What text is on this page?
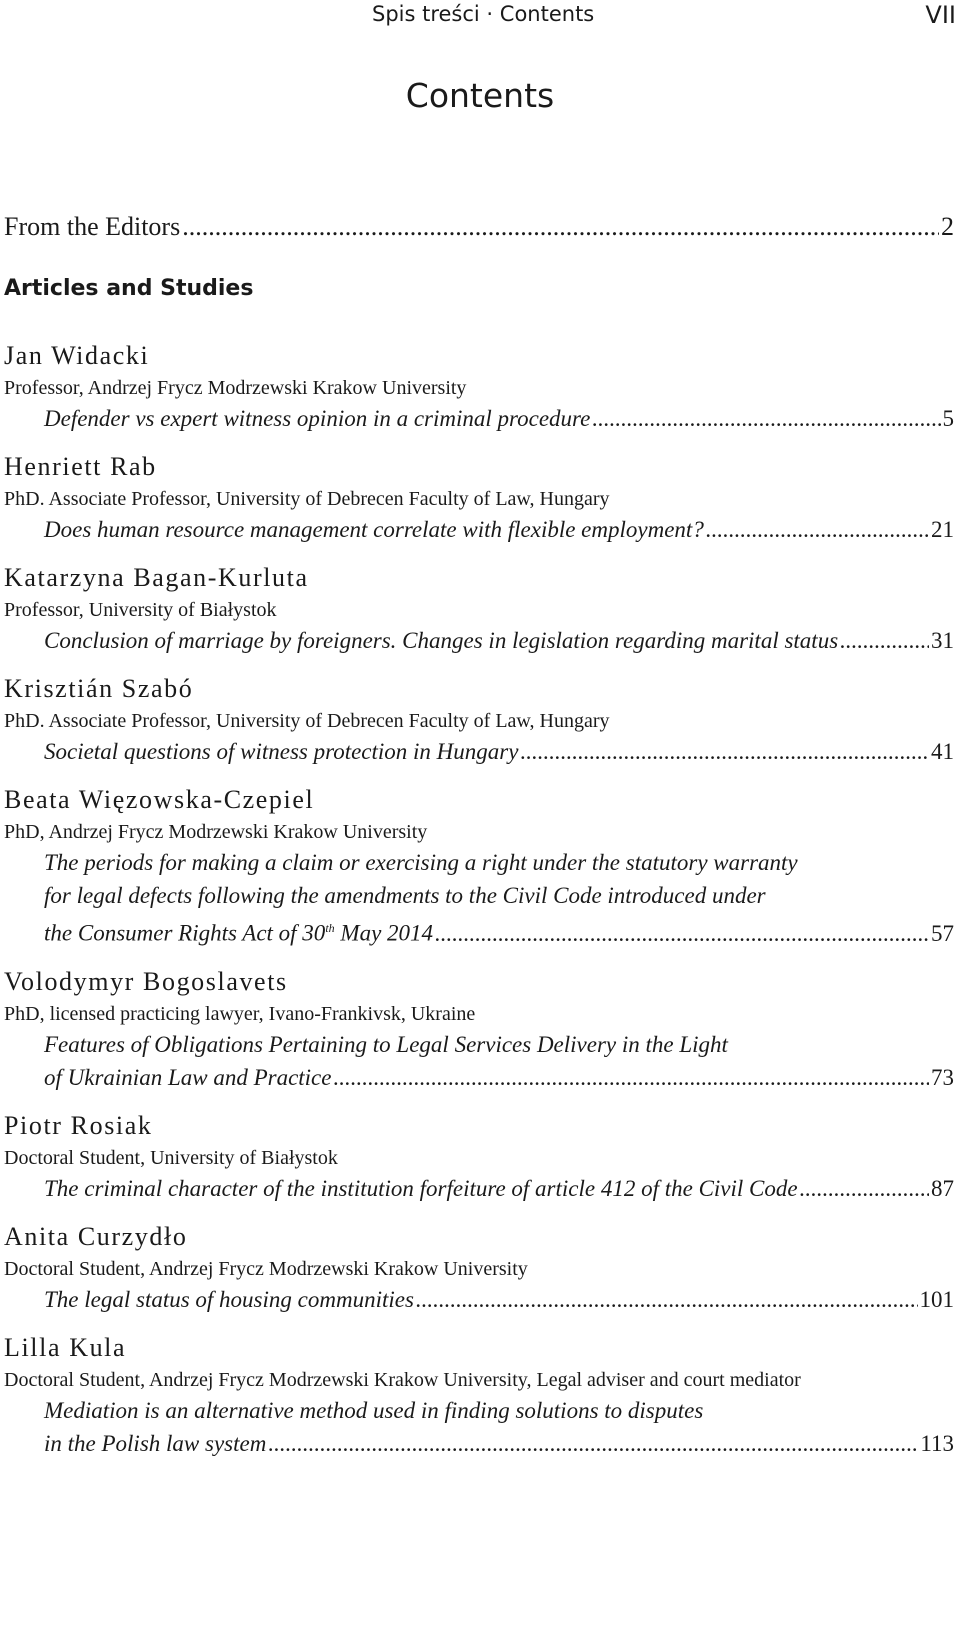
Spis treści · Contents	VII
Contents
From the Editors .....	2
Articles and Studies
Jan Widacki
Professor, Andrzej Frycz Modrzewski Krakow University
Defender vs expert witness opinion in a criminal procedure .....	5
Henriett Rab
PhD. Associate Professor, University of Debrecen Faculty of Law, Hungary
Does human resource management correlate with flexible employment? .....	21
Katarzyna Bagan-Kurluta
Professor, University of Białystok
Conclusion of marriage by foreigners. Changes in legislation regarding marital status .....	31
Krisztián Szabó
PhD. Associate Professor, University of Debrecen Faculty of Law, Hungary
Societal questions of witness protection in Hungary .....	41
Beata Więzowska-Czepiel
PhD, Andrzej Frycz Modrzewski Krakow University
The periods for making a claim or exercising a right under the statutory warranty
for legal defects following the amendments to the Civil Code introduced under
the Consumer Rights Act of 30th May 2014 .....	57
Volodymyr Bogoslavets
PhD, licensed practicing lawyer, Ivano-Frankivsk, Ukraine
Features of Obligations Pertaining to Legal Services Delivery in the Light
of Ukrainian Law and Practice .....	73
Piotr Rosiak
Doctoral Student, University of Białystok
The criminal character of the institution forfeiture of article 412 of the Civil Code .....	87
Anita Curzydło
Doctoral Student, Andrzej Frycz Modrzewski Krakow University
The legal status of housing communities .....	101
Lilla Kula
Doctoral Student, Andrzej Frycz Modrzewski Krakow University, Legal adviser and court mediator
Mediation is an alternative method used in finding solutions to disputes
in the Polish law system .....	113
